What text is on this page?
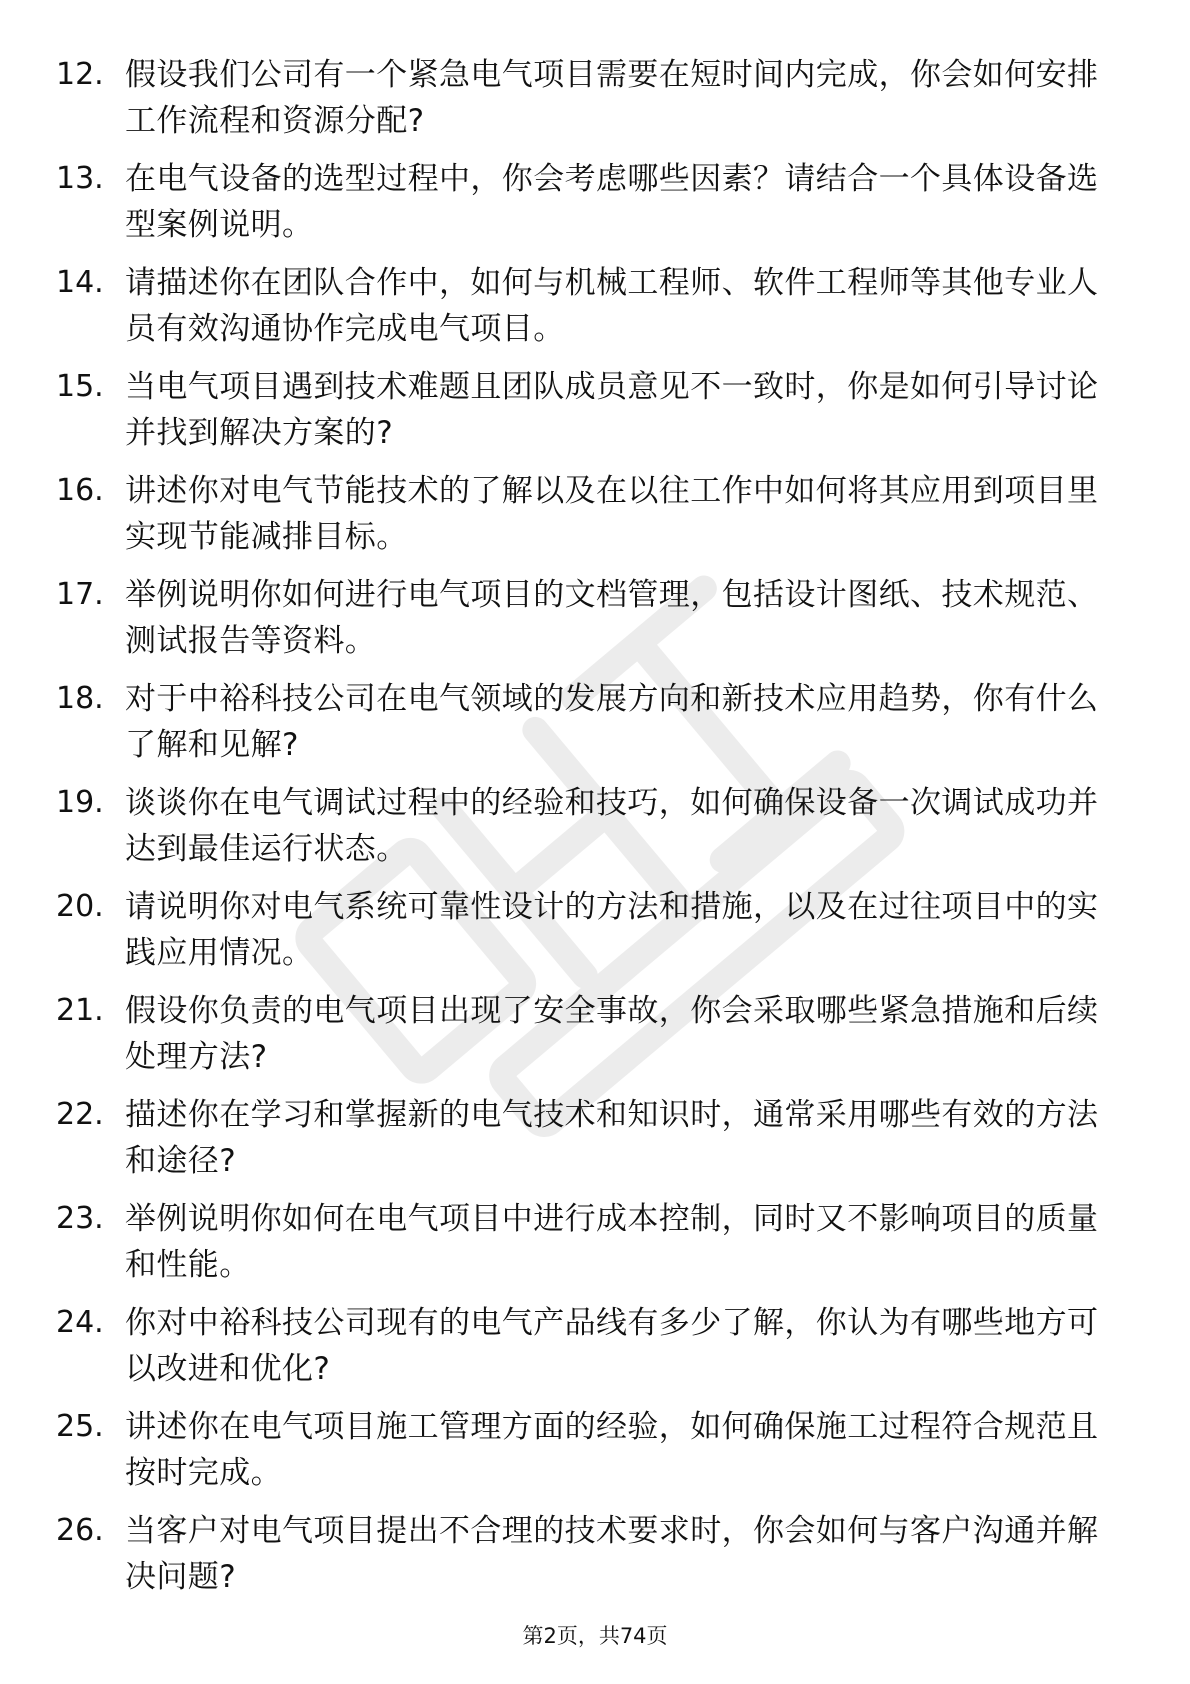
12. 假设我们公司有一个紧急电气项目需要在短时间内完成，你会如何安排工作流程和资源分配?
13. 在电气设备的选型过程中，你会考虑哪些因素？请结合一个具体设备选型案例说明。
14. 请描述你在团队合作中，如何与机械工程师、软件工程师等其他专业人员有效沟通协作完成电气项目。
15. 当电气项目遇到技术难题且团队成员意见不一致时，你是如何引导讨论并找到解决方案的?
16. 讲述你对电气节能技术的了解以及在以往工作中如何将其应用到项目里实现节能减排目标。
17. 举例说明你如何进行电气项目的文档管理，包括设计图纸、技术规范、测试报告等资料。
18. 对于中裕科技公司在电气领域的发展方向和新技术应用趋势，你有什么了解和见解?
19. 谈谈你在电气调试过程中的经验和技巧，如何确保设备一次调试成功并达到最佳运行状态。
20. 请说明你对电气系统可靠性设计的方法和措施，以及在过往项目中的实践应用情况。
21. 假设你负责的电气项目出现了安全事故，你会采取哪些紧急措施和后续处理方法?
22. 描述你在学习和掌握新的电气技术和知识时，通常采用哪些有效的方法和途径?
23. 举例说明你如何在电气项目中进行成本控制，同时又不影响项目的质量和性能。
24. 你对中裕科技公司现有的电气产品线有多少了解，你认为有哪些地方可以改进和优化?
25. 讲述你在电气项目施工管理方面的经验，如何确保施工过程符合规范且按时完成。
26. 当客户对电气项目提出不合理的技术要求时，你会如何与客户沟通并解决问题?
第2页，共74页
